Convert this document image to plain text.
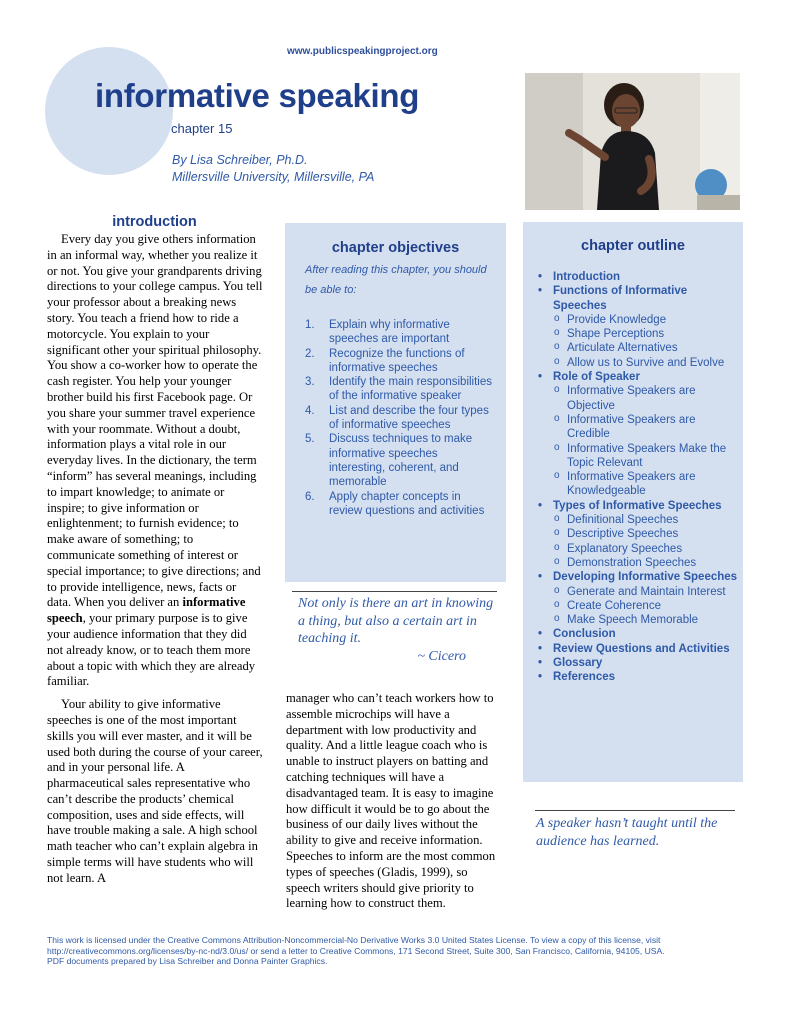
www.publicspeakingproject.org
informative speaking
chapter 15
By Lisa Schreiber, Ph.D.
Millersville University, Millersville, PA
introduction

Every day you give others information in an informal way, whether you realize it or not. You give your grandparents driving directions to your college campus. You tell your professor about a breaking news story. You teach a friend how to ride a motorcycle. You explain to your significant other your spiritual philosophy. You show a co-worker how to operate the cash register. You help your younger brother build his first Facebook page. Or you share your summer travel experience with your roommate. Without a doubt, information plays a vital role in our everyday lives. In the dictionary, the term “inform” has several meanings, including to impart knowledge; to animate or inspire; to give information or enlightenment; to furnish evidence; to make aware of something; to communicate something of interest or special importance; to give directions; and to provide intelligence, news, facts or data. When you deliver an informative speech, your primary purpose is to give your audience information that they did not already know, or to teach them more about a topic with which they are already familiar.

Your ability to give informative speeches is one of the most important skills you will ever master, and it will be used both during the course of your career, and in your personal life. A pharmaceutical sales representative who can’t describe the products’ chemical composition, uses and side effects, will have trouble making a sale. A high school math teacher who can’t explain algebra in simple terms will have students who will not learn. A

chapter objectives
After reading this chapter, you should be able to:
1. Explain why informative speeches are important
2. Recognize the functions of informative speeches
3. Identify the main responsibilities of the informative speaker
4. List and describe the four types of informative speeches
5. Discuss techniques to make informative speeches interesting, coherent, and memorable
6. Apply chapter concepts in review questions and activities
Not only is there an art in knowing a thing, but also a certain art in teaching it.
~ Cicero

manager who can’t teach workers how to assemble microchips will have a department with low productivity and quality. And a little league coach who is unable to instruct players on batting and catching techniques will have a disadvantaged team. It is easy to imagine how difficult it would be to go about the business of our daily lives without the ability to give and receive information. Speeches to inform are the most common types of speeches (Gladis, 1999), so speech writers should give priority to learning how to construct them.

chapter outline
• Introduction
• Functions of Informative Speeches
o Provide Knowledge
o Shape Perceptions
o Articulate Alternatives
o Allow us to Survive and Evolve
• Role of Speaker
o Informative Speakers are Objective
o Informative Speakers are Credible
o Informative Speakers Make the Topic Relevant
o Informative Speakers are Knowledgeable
• Types of Informative Speeches
o Definitional Speeches
o Descriptive Speeches
o Explanatory Speeches
o Demonstration Speeches
• Developing Informative Speeches
o Generate and Maintain Interest
o Create Coherence
o Make Speech Memorable
• Conclusion
• Review Questions and Activities
• Glossary
• References
A speaker hasn’t taught until the audience has learned.
This work is licensed under the Creative Commons Attribution-Noncommercial-No Derivative Works 3.0 United States License. To view a copy of this license, visit
http://creativecommons.org/licenses/by-nc-nd/3.0/us/ or send a letter to Creative Commons, 171 Second Street, Suite 300, San Francisco, California, 94105, USA.
PDF documents prepared by Lisa Schreiber and Donna Painter Graphics.
